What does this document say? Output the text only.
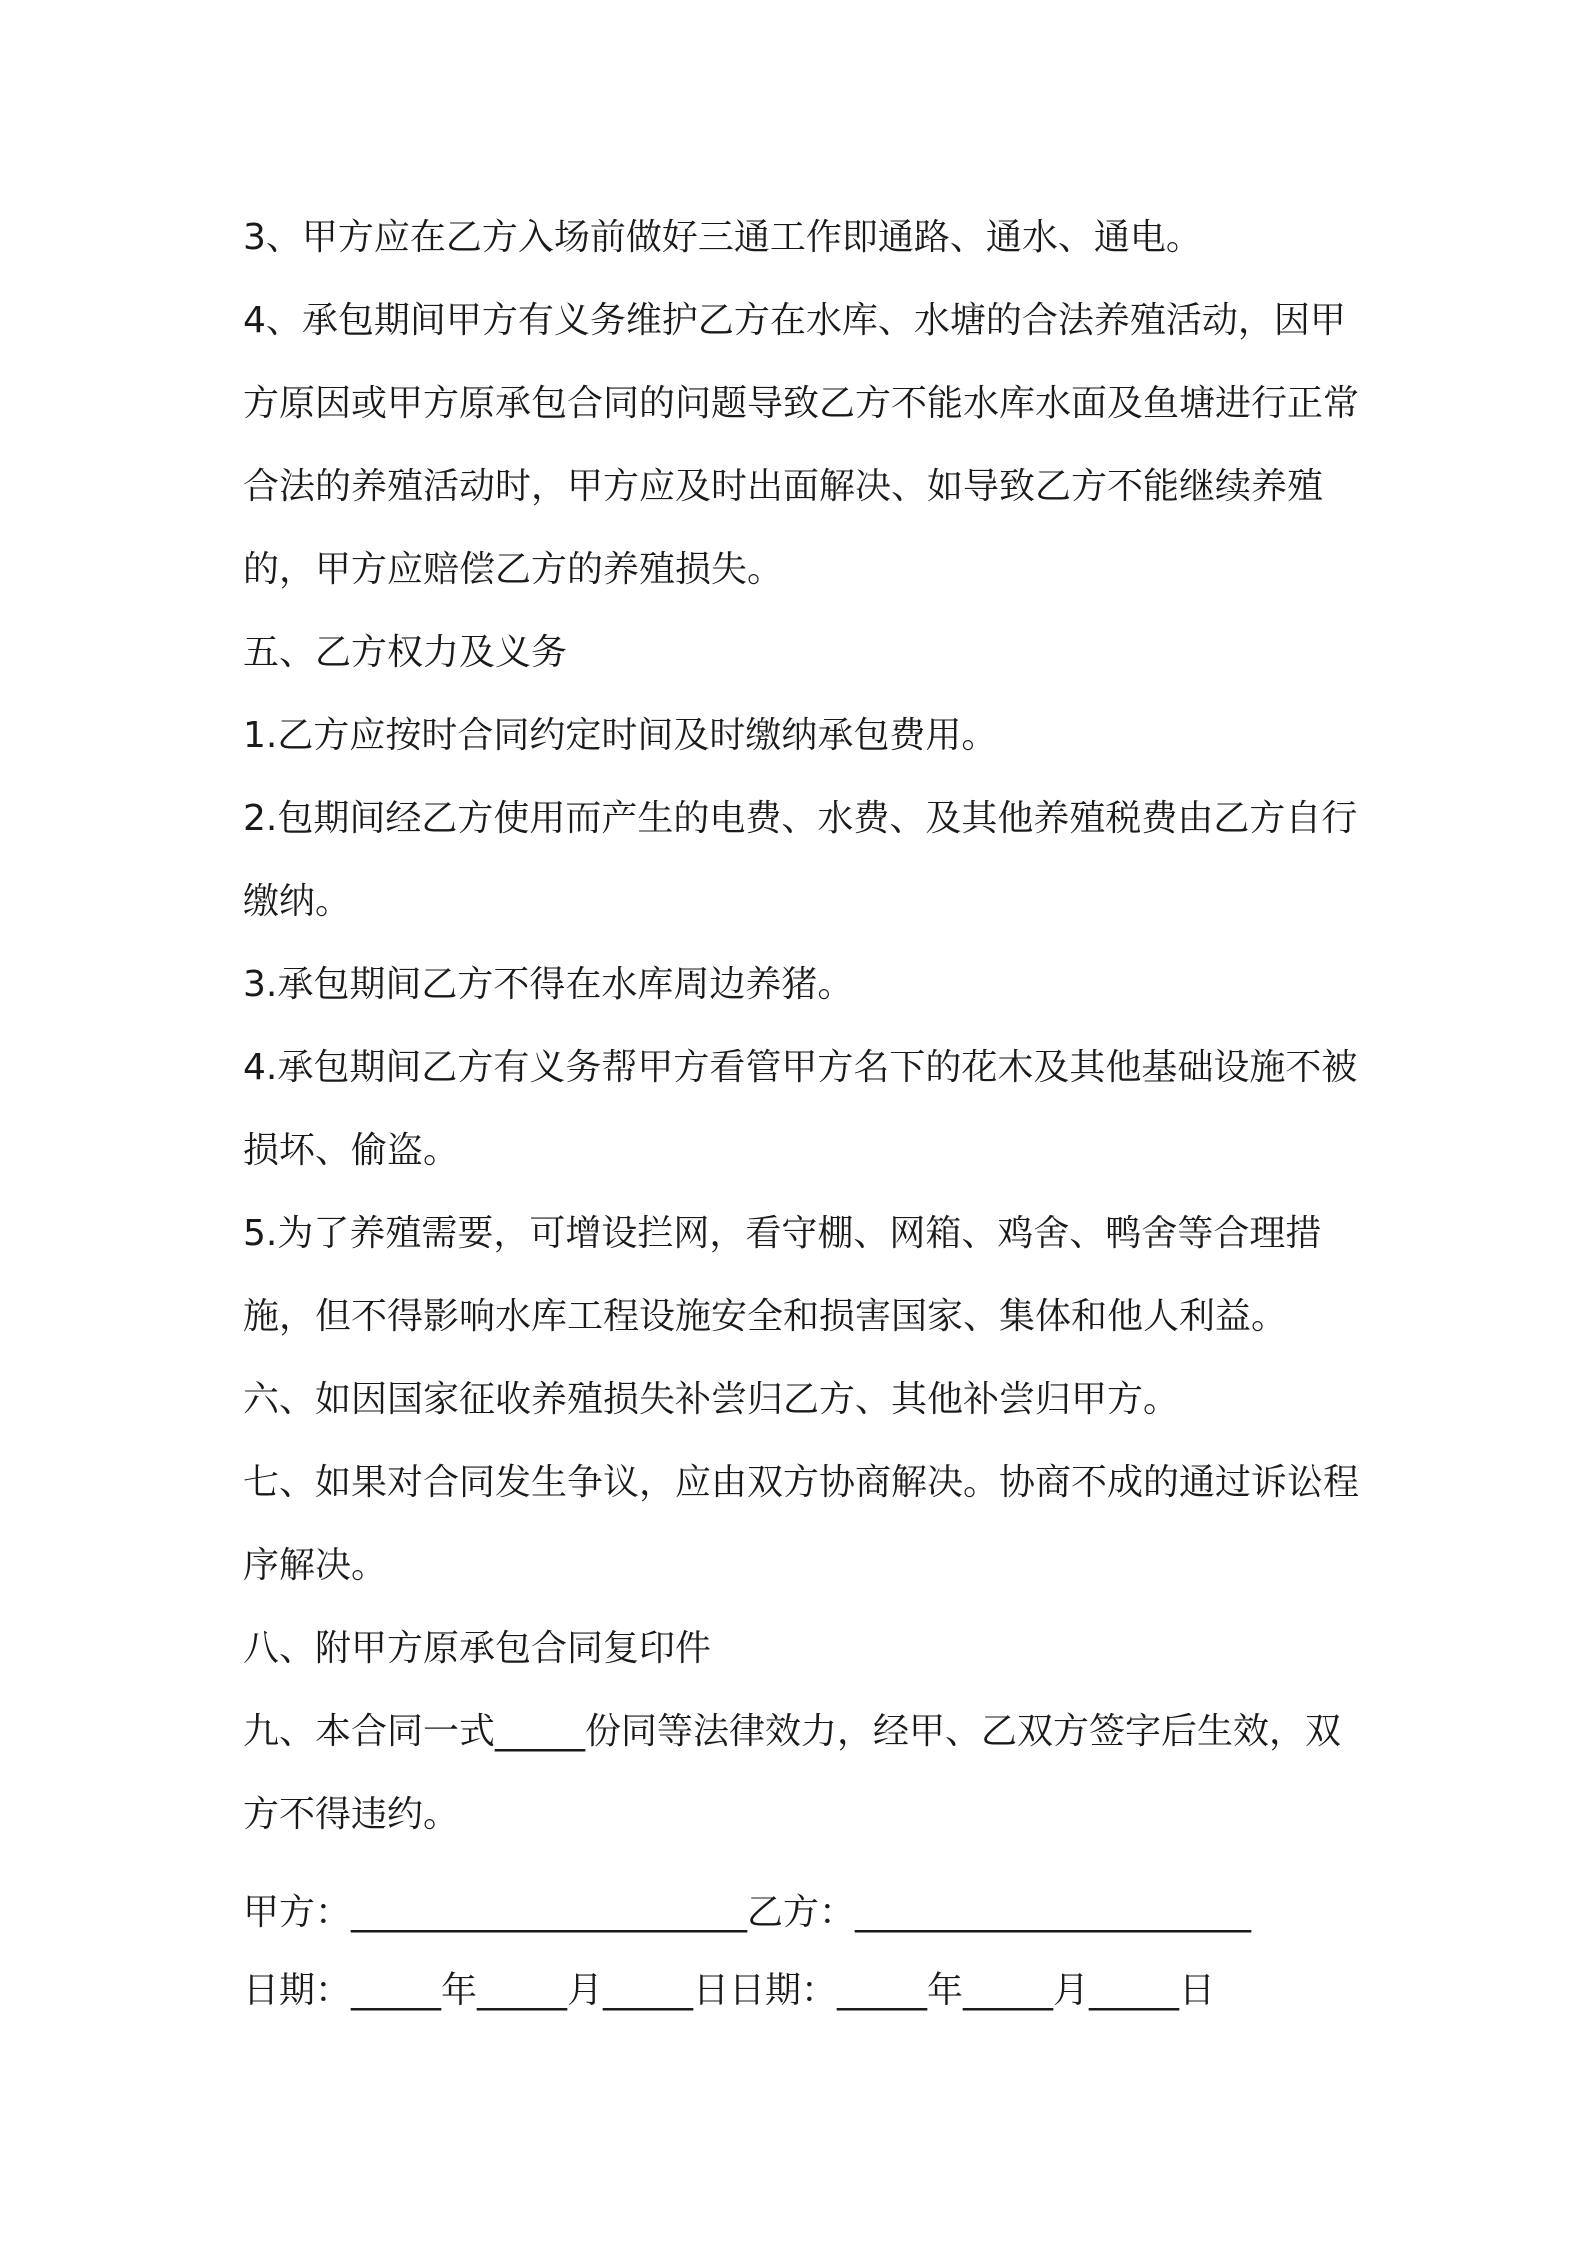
3、甲方应在乙方入场前做好三通工作即通路、通水、通电。

4、承包期间甲方有义务维护乙方在水库、水塘的合法养殖活动，因甲方原因或甲方原承包合同的问题导致乙方不能水库水面及鱼塘进行正常合法的养殖活动时，甲方应及时出面解决、如导致乙方不能继续养殖的，甲方应赔偿乙方的养殖损失。

五、乙方权力及义务

1.乙方应按时合同约定时间及时缴纳承包费用。

2.包期间经乙方使用而产生的电费、水费、及其他养殖税费由乙方自行缴纳。

3.承包期间乙方不得在水库周边养猪。

4.承包期间乙方有义务帮甲方看管甲方名下的花木及其他基础设施不被损坏、偷盗。

5.为了养殖需要，可增设拦网，看守棚、网箱、鸡舍、鸭舍等合理措施，但不得影响水库工程设施安全和损害国家、集体和他人利益。

六、如因国家征收养殖损失补尝归乙方、其他补尝归甲方。

七、如果对合同发生争议，应由双方协商解决。协商不成的通过诉讼程序解决。

八、附甲方原承包合同复印件

九、本合同一式_____份同等法律效力，经甲、乙双方签字后生效，双方不得违约。

甲方：______________________乙方：______________________
日期：_____年_____月_____日日期：_____年_____月_____日
